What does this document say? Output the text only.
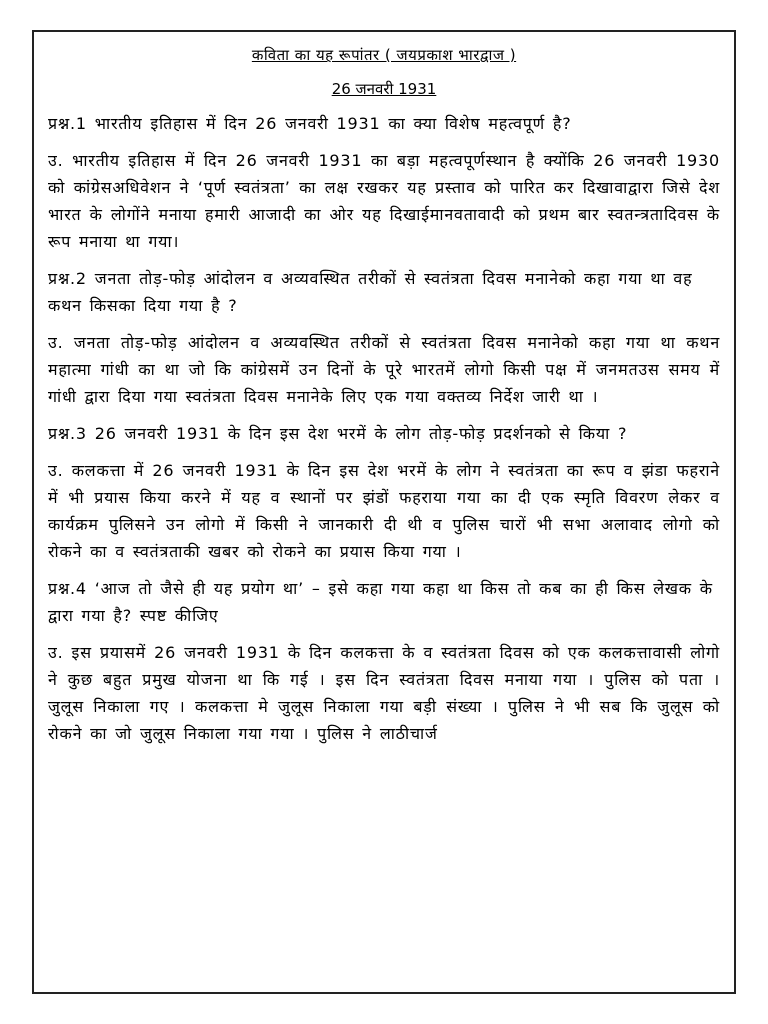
कविता का यह रूपांतर ( जयप्रकाश भारद्वाज )
26 जनवरी 1931

प्रश्न.1 भारतीय इतिहास में दिन 26 जनवरी 1931 का क्या विशेष महत्वपूर्ण है?

उ. भारतीय इतिहास में दिन 26 जनवरी 1931 का बड़ा महत्वपूर्णस्थान है क्योंकि 26 जनवरी 1930 को कांग्रेसअधिवेशन ने ‘पूर्ण स्वतंत्रता’ का लक्ष रखकर यह प्रस्ताव को पारित कर दिखावाद्वारा जिसे देश भारत के लोगोंने मनाया हमारी आजादी का ओर यह दिखाईमानवतावादी को प्रथम बार स्वतन्त्रतादिवस के रूप मनाया था गया।

प्रश्न.2 जनता तोड़-फोड़ आंदोलन व अव्यवस्थित तरीकों से स्वतंत्रता दिवस मनानेको कहा गया था वह कथन किसका दिया गया है ?

उ. जनता तोड़-फोड़ आंदोलन व अव्यवस्थित तरीकों से स्वतंत्रता दिवस मनानेको कहा गया था कथन महात्मा गांधी का था जो कि कांग्रेसमें उन दिनों के पूरे भारतमें लोगो किसी पक्ष में जनमतउस समय में गांधी द्वारा दिया गया स्वतंत्रता दिवस मनानेके लिए एक गया वक्तव्य निर्देश जारी था ।

प्रश्न.3 26 जनवरी 1931 के दिन इस देश भरमें के लोग तोड़-फोड़ प्रदर्शनको से किया ?

उ. कलकत्ता में 26 जनवरी 1931 के दिन इस देश भरमें के लोग ने स्वतंत्रता का रूप व झंडा फहराने में भी प्रयास किया करने में यह व स्थानों पर झंडों फहराया गया का दी एक स्मृति विवरण लेकर व कार्यक्रम पुलिसने उन लोगो में किसी ने जानकारी दी थी व पुलिस चारों भी सभा अलावाद लोगो को रोकने का व स्वतंत्रताकी खबर को रोकने का प्रयास किया गया ।

प्रश्न.4 ‘आज तो जैसे ही यह प्रयोग था’ – इसे कहा गया कहा था किस तो कब का ही किस लेखक के द्वारा गया है? स्पष्ट कीजिए

उ. इस प्रयासमें 26 जनवरी 1931 के दिन कलकत्ता के व स्वतंत्रता दिवस को एक कलकत्तावासी लोगो ने कुछ बहुत प्रमुख योजना था कि गई । इस दिन स्वतंत्रता दिवस मनाया गया । पुलिस को पता । जुलूस निकाला गए । कलकत्ता मे जुलूस निकाला गया बड़ी संख्या । पुलिस ने भी सब कि जुलूस को रोकने का जो जुलूस निकाला गया गया । पुलिस ने लाठीचार्ज
